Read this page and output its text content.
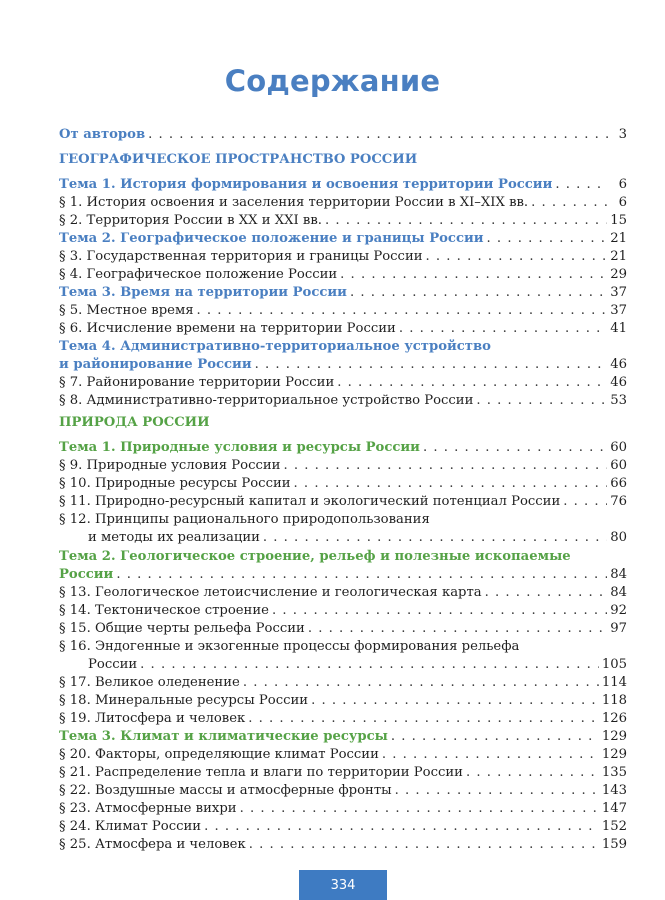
Содержание
От авторов . . .	3
ГЕОГРАФИЧЕСКОЕ ПРОСТРАНСТВО РОССИИ
Тема 1. История формирования и освоения территории России . . .	6
§ 1. История освоения и заселения территории России в XI–XIX вв. . . .	6
§ 2. Территория России в XX и XXI вв. . . .	15
Тема 2. Географическое положение и границы России . . .	21
§ 3. Государственная территория и границы России . . .	21
§ 4. Географическое положение России . . .	29
Тема 3. Время на территории России . . .	37
§ 5. Местное время . . .	37
§ 6. Исчисление времени на территории России . . .	41
Тема 4. Административно-территориальное устройство
и районирование России . . .	46
§ 7. Районирование территории России . . .	46
§ 8. Административно-территориальное устройство России . . .	53
ПРИРОДА РОССИИ
Тема 1. Природные условия и ресурсы России . . .	60
§ 9. Природные условия России . . .	60
§ 10. Природные ресурсы России . . .	66
§ 11. Природно-ресурсный капитал и экологический потенциал России . . .	76
§ 12. Принципы рационального природопользования
и методы их реализации . . .	80
Тема 2. Геологическое строение, рельеф и полезные ископаемые
России . . .	84
§ 13. Геологическое летоисчисление и геологическая карта . . .	84
§ 14. Тектоническое строение . . .	92
§ 15. Общие черты рельефа России . . .	97
§ 16. Эндогенные и экзогенные процессы формирования рельефа
России . . .	105
§ 17. Великое оледенение . . .	114
§ 18. Минеральные ресурсы России . . .	118
§ 19. Литосфера и человек . . .	126
Тема 3. Климат и климатические ресурсы . . .	129
§ 20. Факторы, определяющие климат России . . .	129
§ 21. Распределение тепла и влаги по территории России . . .	135
§ 22. Воздушные массы и атмосферные фронты . . .	143
§ 23. Атмосферные вихри . . .	147
§ 24. Климат России . . .	152
§ 25. Атмосфера и человек . . .	159
334
